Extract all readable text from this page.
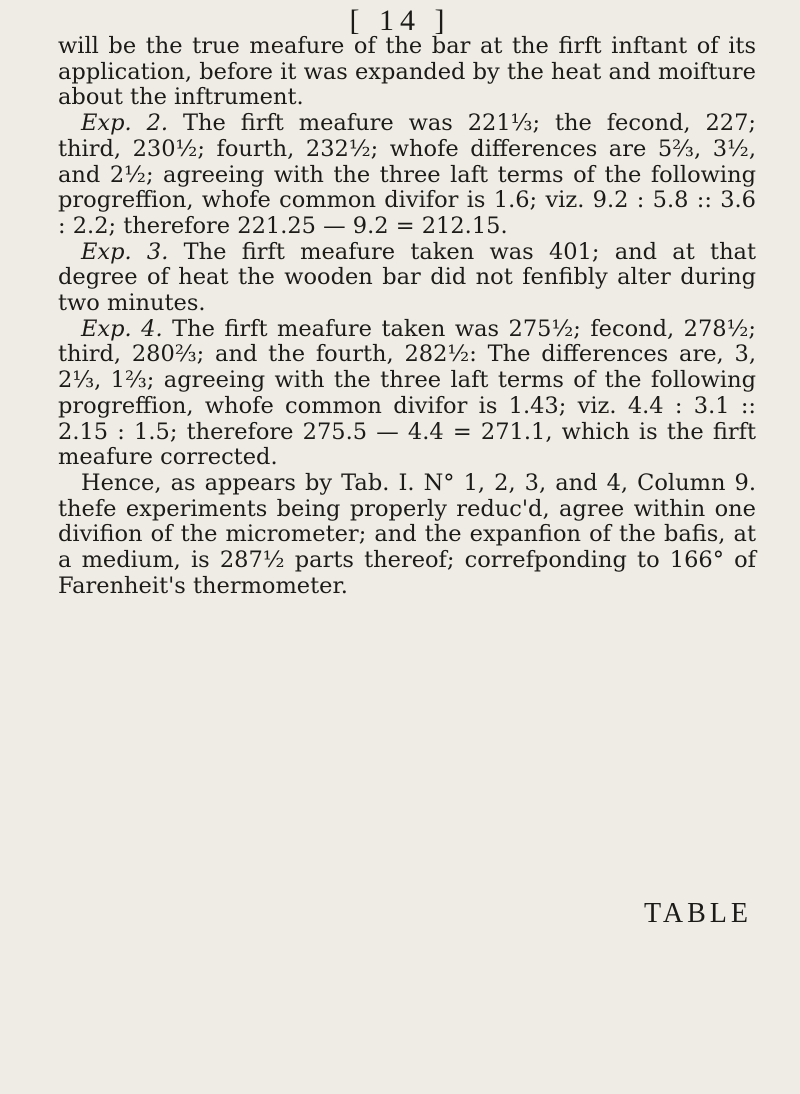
[ 14 ]

will be the true meafure of the bar at the firft inftant of its application, before it was expanded by the heat and moifture about the inftrument.

Exp. 2. The firft meafure was 221⅓; the fecond, 227; third, 230½; fourth, 232½; whofe differences are 5⅔, 3½, and 2½; agreeing with the three laft terms of the following progreffion, whofe common divifor is 1.6; viz. 9.2 : 5.8 :: 3.6 : 2.2; therefore 221.25 — 9.2 = 212.15.

Exp. 3. The firft meafure taken was 401; and at that degree of heat the wooden bar did not fenfibly alter during two minutes.

Exp. 4. The firft meafure taken was 275½; fecond, 278½; third, 280⅔; and the fourth, 282½: The differences are, 3, 2⅓, 1⅔; agreeing with the three laft terms of the following progreffion, whofe common divifor is 1.43; viz. 4.4 : 3.1 :: 2.15 : 1.5; therefore 275.5 — 4.4 = 271.1, which is the firft meafure corrected.

Hence, as appears by Tab. I. N° 1, 2, 3, and 4, Column 9. thefe experiments being properly reduc'd, agree within one divifion of the micrometer; and the expanfion of the bafis, at a medium, is 287½ parts thereof; correfponding to 166° of Farenheit's thermometer.

TABLE
